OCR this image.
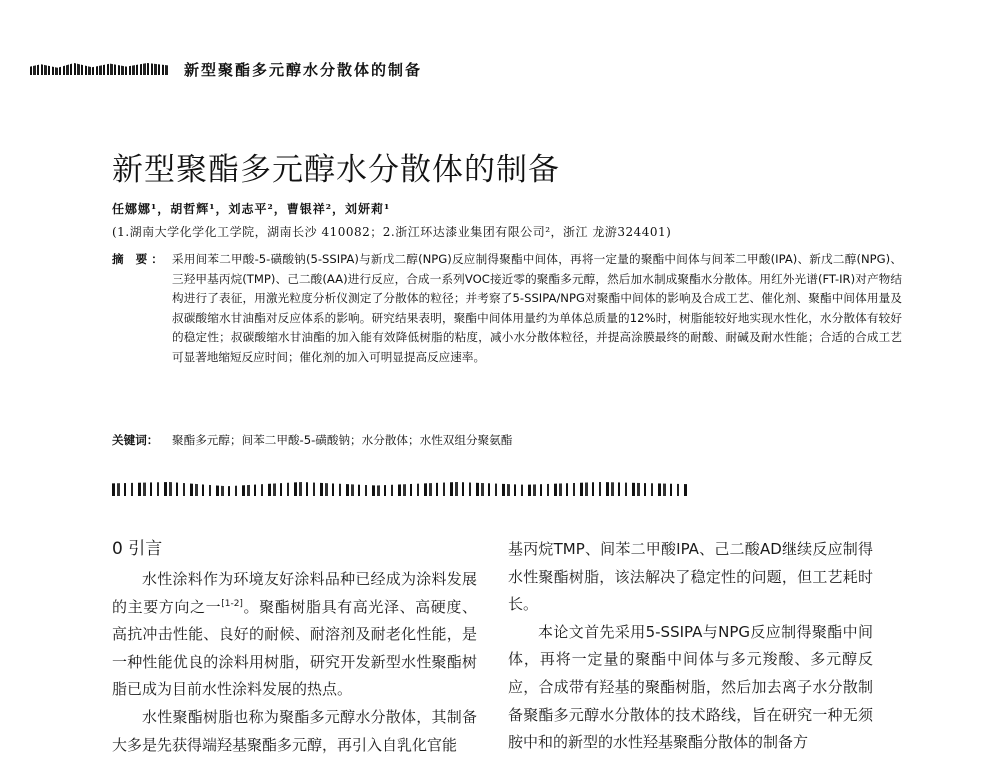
新型聚酯多元醇水分散体的制备
新型聚酯多元醇水分散体的制备
任娜娜¹，胡哲辉¹，刘志平²，曹银祥²，刘妍莉¹
(1.湖南大学化学化工学院，湖南长沙 410082；2.浙江环达漆业集团有限公司²，浙江 龙游324401)
摘 要： 采用间苯二甲酸-5-磺酸钠(5-SSIPA)与新戊二醇(NPG)反应制得聚酯中间体，再将一定量的聚酯中间体与间苯二甲酸(IPA)、新戊二醇(NPG)、三羟甲基丙烷(TMP)、己二酸(AA)进行反应，合成一系列VOC接近零的聚酯多元醇，然后加水制成聚酯水分散体。用红外光谱(FT-IR)对产物结构进行了表征，用激光粒度分析仪测定了分散体的粒径；并考察了5-SSIPA/NPG对聚酯中间体的影响及合成工艺、催化剂、聚酯中间体用量及叔碳酸缩水甘油酯对反应体系的影响。研究结果表明，聚酯中间体用量约为单体总质量的12%时，树脂能较好地实现水性化，水分散体有较好的稳定性；叔碳酸缩水甘油酯的加入能有效降低树脂的粘度，减小水分散体粒径，并提高涂膜最终的耐酸、耐碱及耐水性能；合适的合成工艺可显著地缩短反应时间；催化剂的加入可明显提高反应速率。
关键词：	聚酯多元醇；间苯二甲酸-5-磺酸钠；水分散体；水性双组分聚氨酯
0 引言

水性涂料作为环境友好涂料品种已经成为涂料发展的主要方向之一[1-2]。聚酯树脂具有高光泽、高硬度、高抗冲击性能、良好的耐候、耐溶剂及耐老化性能，是一种性能优良的涂料用树脂，研究开发新型水性聚酯树脂已成为目前水性涂料发展的热点。

水性聚酯树脂也称为聚酯多元醇水分散体，其制备大多是先获得端羟基聚酯多元醇，再引入自乳化官能

基丙烷TMP、间苯二甲酸IPA、己二酸AD继续反应制得水性聚酯树脂，该法解决了稳定性的问题，但工艺耗时长。

本论文首先采用5-SSIPA与NPG反应制得聚酯中间体，再将一定量的聚酯中间体与多元羧酸、多元醇反应，合成带有羟基的聚酯树脂，然后加去离子水分散制备聚酯多元醇水分散体的技术路线，旨在研究一种无须胺中和的新型的水性羟基聚酯分散体的制备方
